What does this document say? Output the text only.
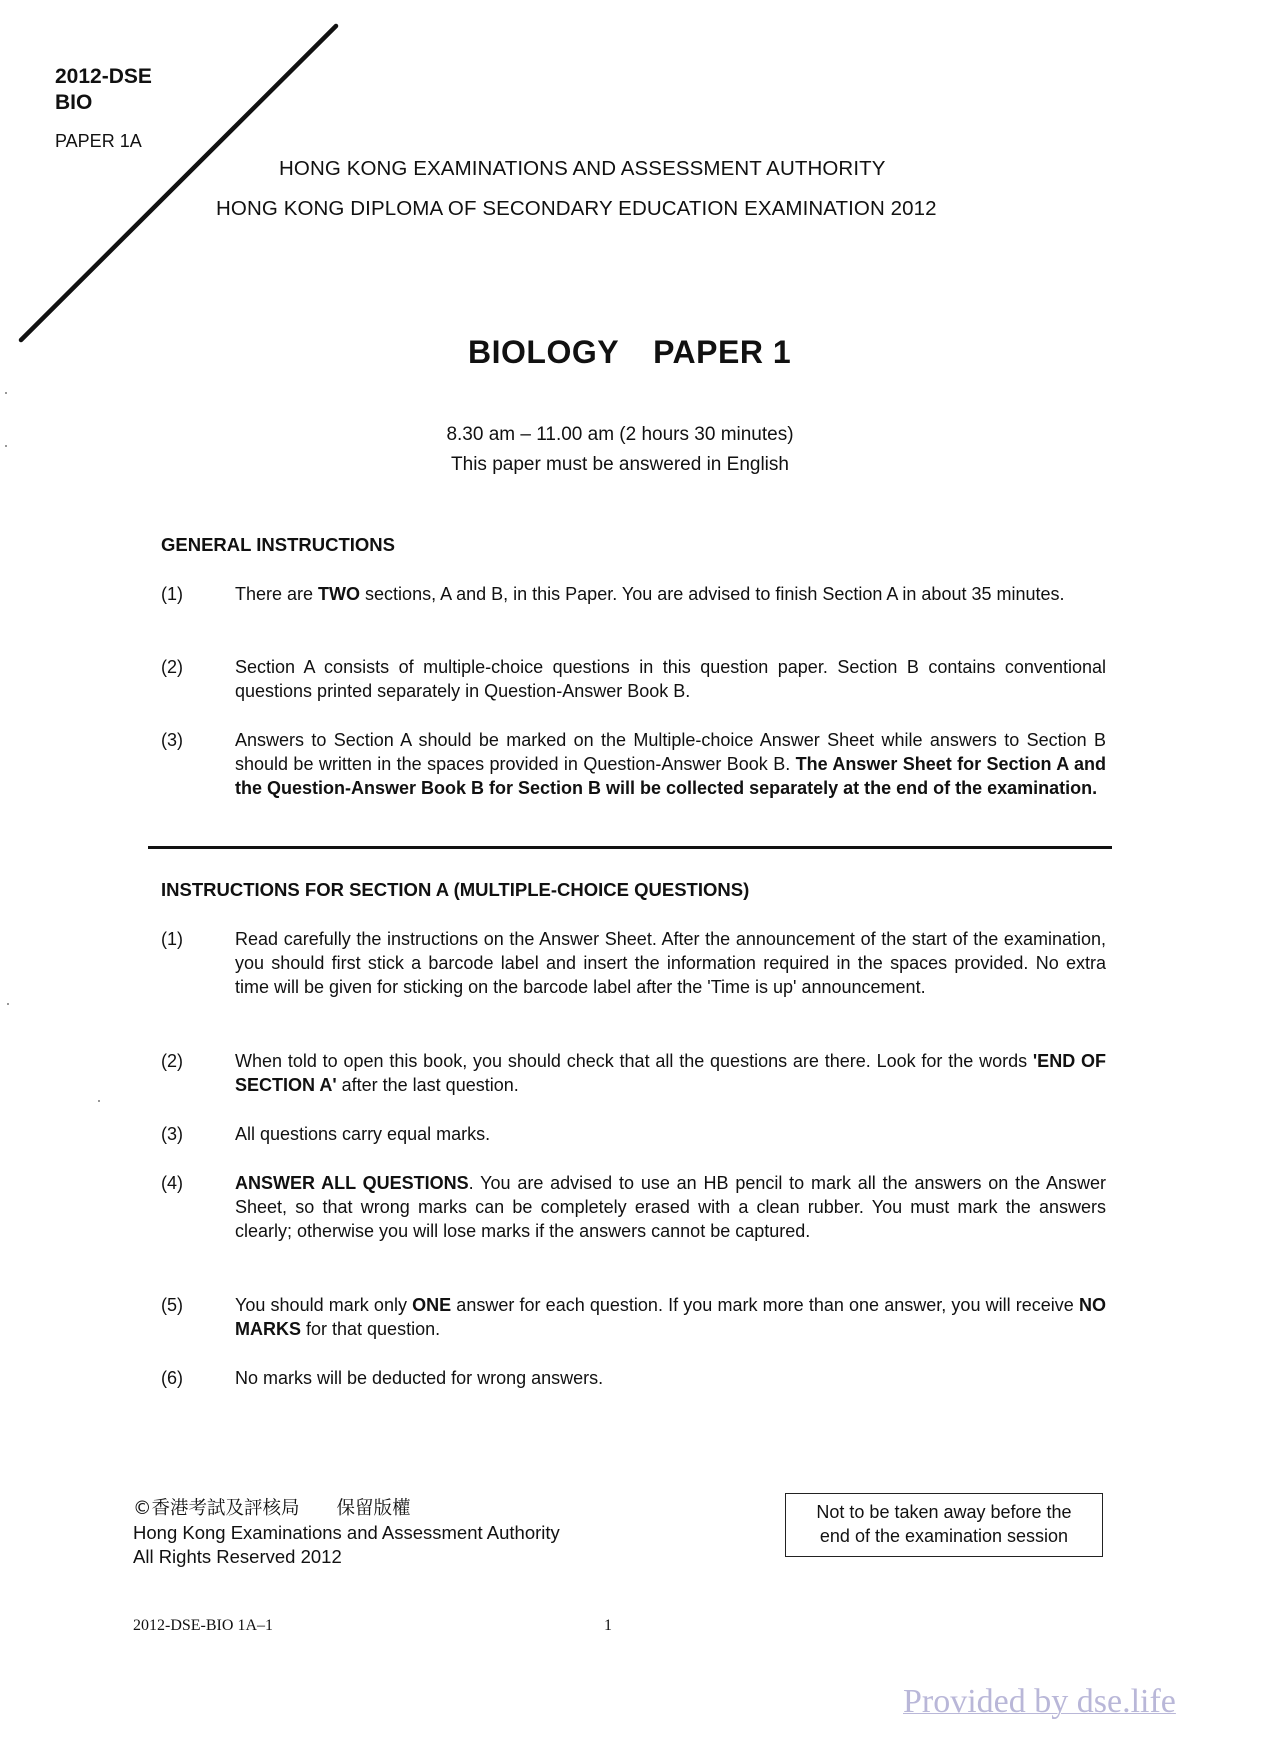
2012-DSE
BIO
PAPER 1A
HONG KONG EXAMINATIONS AND ASSESSMENT AUTHORITY
HONG KONG DIPLOMA OF SECONDARY EDUCATION EXAMINATION 2012
BIOLOGY PAPER 1
8.30 am – 11.00 am (2 hours 30 minutes)
This paper must be answered in English
GENERAL INSTRUCTIONS
(1)	There are TWO sections, A and B, in this Paper. You are advised to finish Section A in about 35 minutes.
(2)	Section A consists of multiple-choice questions in this question paper. Section B contains conventional questions printed separately in Question-Answer Book B.
(3)	Answers to Section A should be marked on the Multiple-choice Answer Sheet while answers to Section B should be written in the spaces provided in Question-Answer Book B. The Answer Sheet for Section A and the Question-Answer Book B for Section B will be collected separately at the end of the examination.
INSTRUCTIONS FOR SECTION A (MULTIPLE-CHOICE QUESTIONS)
(1)	Read carefully the instructions on the Answer Sheet. After the announcement of the start of the examination, you should first stick a barcode label and insert the information required in the spaces provided. No extra time will be given for sticking on the barcode label after the 'Time is up' announcement.
(2)	When told to open this book, you should check that all the questions are there. Look for the words 'END OF SECTION A' after the last question.
(3)	All questions carry equal marks.
(4)	ANSWER ALL QUESTIONS. You are advised to use an HB pencil to mark all the answers on the Answer Sheet, so that wrong marks can be completely erased with a clean rubber. You must mark the answers clearly; otherwise you will lose marks if the answers cannot be captured.
(5)	You should mark only ONE answer for each question. If you mark more than one answer, you will receive NO MARKS for that question.
(6)	No marks will be deducted for wrong answers.
©香港考試及評核局　　保留版權
Hong Kong Examinations and Assessment Authority
All Rights Reserved 2012
Not to be taken away before the
end of the examination session
2012-DSE-BIO 1A–1	1
Provided by dse.life
